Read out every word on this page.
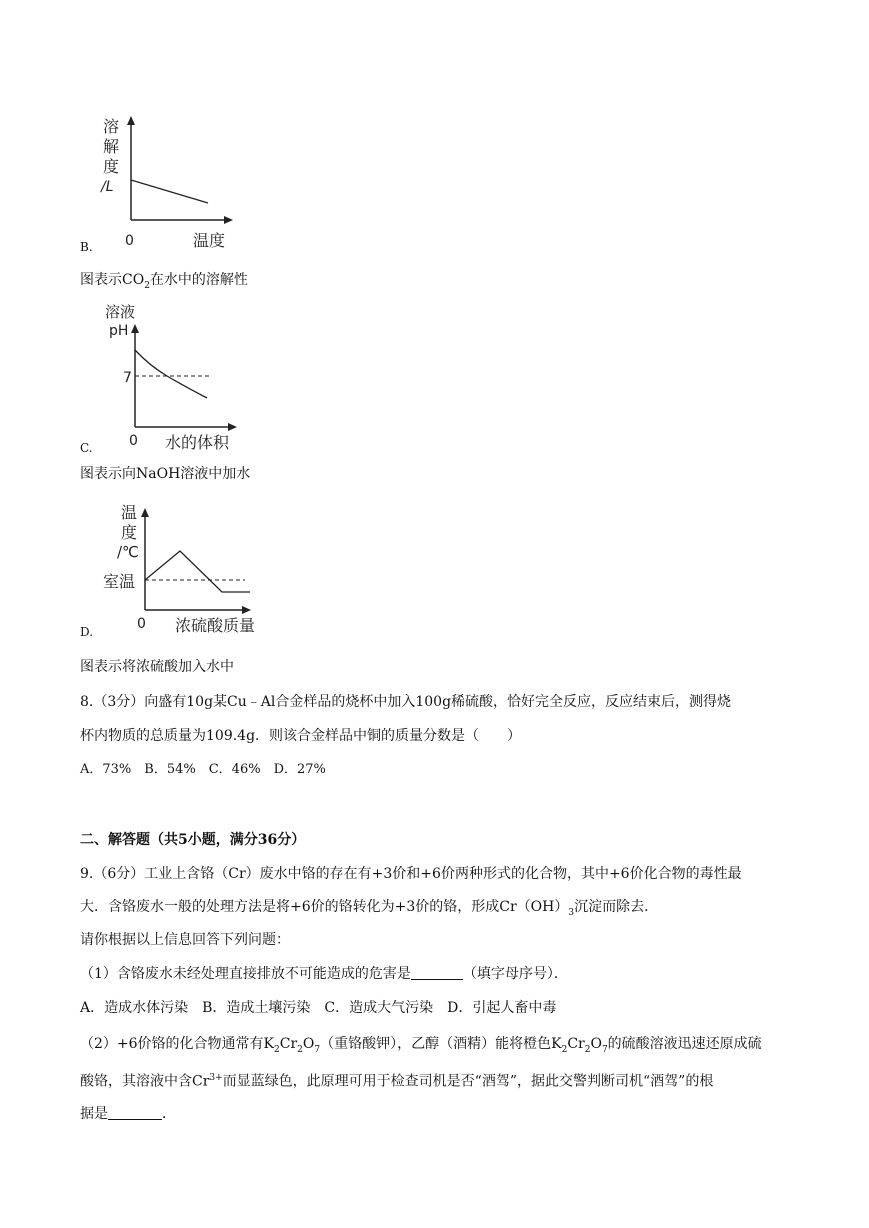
溶
解
度
/L
0	温度
B.
图表示$CO_2$在水中的溶解性
溶液
pH
7
0 水的体积
C.
图表示向NaOH溶液中加水
温
度
/℃
室温
0 浓硫酸质量
D.
图表示将浓硫酸加入水中
8.（3分）向盛有10g某Cu﹣Al合金样品的烧杯中加入100g稀硫酸，恰好完全反应，反应结束后，测得烧
杯内物质的总质量为109.4g．则该合金样品中铜的质量分数是（　　）
A．73%　B．54%　C．46%　D．27%
二、解答题（共5小题，满分36分）
9.（6分）工业上含铬（Cr）废水中铬的存在有+3价和+6价两种形式的化合物，其中+6价化合物的毒性最
大．含铬废水一般的处理方法是将+6价的铬转化为+3价的铬，形成$Cr(OH)_3$沉淀而除去．
请你根据以上信息回答下列问题：
（1）含铬废水未经处理直接排放不可能造成的危害是	（填字母序号）．
A．造成水体污染　B．造成土壤污染　C．造成大气污染　D．引起人畜中毒
（2）+6价铬的化合物通常有$K_2Cr_2O_7$（重铬酸钾），乙醇（酒精）能将橙色$K_2Cr_2O_7$的硫酸溶液迅速还原成硫
酸铬，其溶液中含$Cr^{3+}$而显蓝绿色，此原理可用于检查司机是否“酒驾”，据此交警判断司机“酒驾”的根
据是	．
